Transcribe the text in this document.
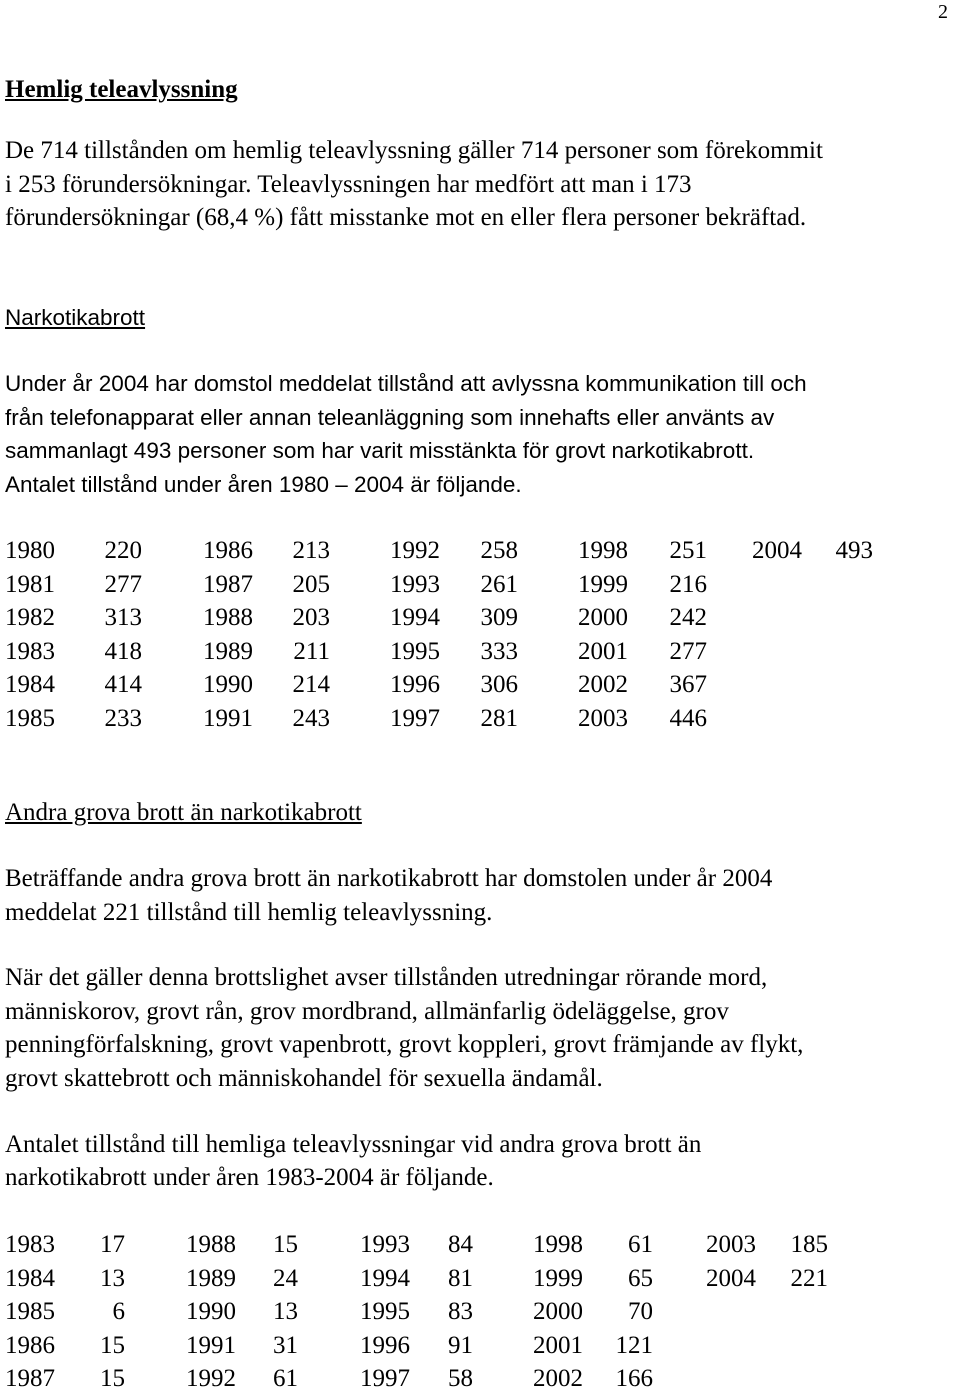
2
Hemlig teleavlyssning
De 714 tillstånden om hemlig teleavlyssning gäller 714 personer som förekommit
i 253 förundersökningar. Teleavlyssningen har medfört att man i 173
förundersökningar (68,4 %) fått misstanke mot en eller flera personer bekräftad.
Narkotikabrott
Under år 2004 har domstol meddelat tillstånd att avlyssna kommunikation till och
från telefonapparat eller annan teleanläggning som innehafts eller använts av
sammanlagt 493 personer som har varit misstänkta för grovt narkotikabrott.
Antalet tillstånd under åren 1980 – 2004 är följande.
1980	220 1986	213 1992	258 1998	251 2004	493
1981	277 1987	205 1993	261 1999	216
1982	313 1988	203 1994	309 2000	242
1983	418 1989	211 1995	333 2001	277
1984	414 1990	214 1996	306 2002	367
1985	233 1991	243 1997	281 2003	446
Andra grova brott än narkotikabrott
Beträffande andra grova brott än narkotikabrott har domstolen under år 2004
meddelat 221 tillstånd till hemlig teleavlyssning.
När det gäller denna brottslighet avser tillstånden utredningar rörande mord,
människorov, grovt rån, grov mordbrand, allmänfarlig ödeläggelse, grov
penningförfalskning, grovt vapenbrott, grovt koppleri, grovt främjande av flykt,
grovt skattebrott och människohandel för sexuella ändamål.
Antalet tillstånd till hemliga teleavlyssningar vid andra grova brott än
narkotikabrott under åren 1983-2004 är följande.
1983	17 1988	15 1993	84 1998	61 2003	185
1984	13 1989	24 1994	81 1999	65 2004	221
1985	6 1990	13 1995	83 2000	70
1986	15 1991	31 1996	91 2001	121
1987	15 1992	61 1997	58 2002	166
